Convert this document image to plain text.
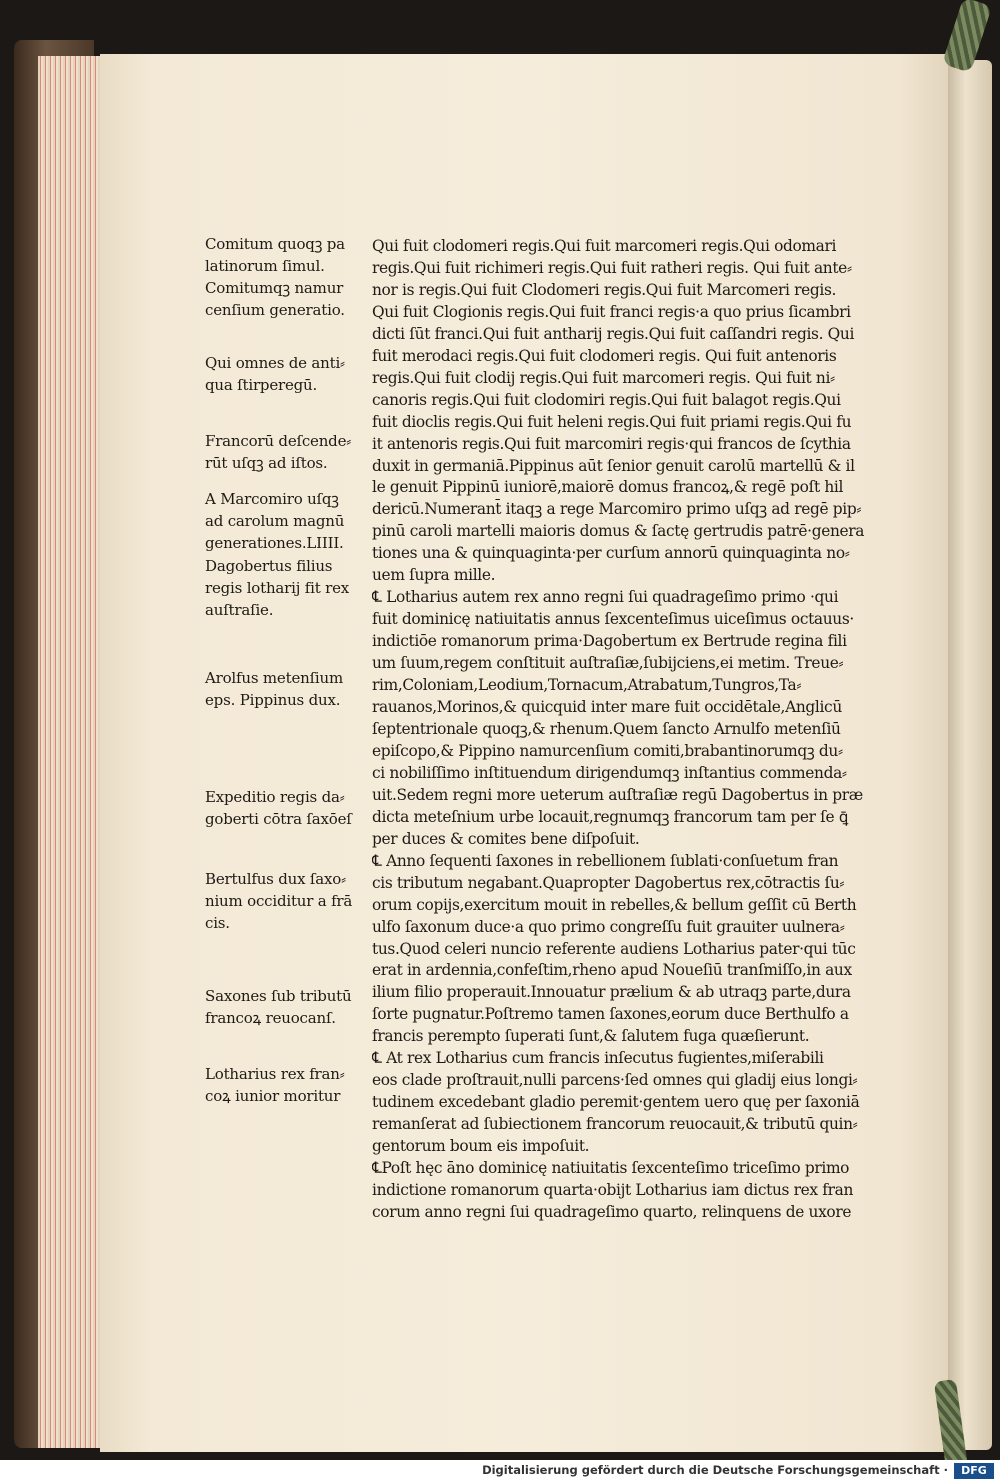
Comitum quoqꝫ pa
latinorum ſimul.
Comitumqꝫ namur
cenſium generatio.
Qui omnes de anti⸗
qua ſtirperegū.
Francorū deſcende⸗
rūt uſqꝫ ad iſtos.
A Marcomiro uſqꝫ
ad carolum magnū
generationes.LIIII.
Dagobertus filius
regis lotharij fit rex
auſtraſie.
Arolfus metenſium
eps. Pippinus dux.
Expeditio regis da⸗
goberti cōtra ſaxōeſ
Bertulfus dux ſaxo⸗
nium occiditur a frā
cis.
Saxones ſub tributū
francoꝝ reuocanſ.
Lotharius rex fran⸗
coꝝ iunior moritur
Qui fuit clodomeri regis.Qui fuit marcomeri regis.Qui odomari
regis.Qui fuit richimeri regis.Qui fuit ratheri regis. Qui fuit ante⸗
nor is regis.Qui fuit Clodomeri regis.Qui fuit Marcomeri regis.
Qui fuit Clogionis regis.Qui fuit franci regis·a quo prius ſicambri
dicti ſūt franci.Qui fuit antharij regis.Qui fuit caſſandri regis. Qui
fuit merodaci regis.Qui fuit clodomeri regis. Qui fuit antenoris
regis.Qui fuit clodij regis.Qui fuit marcomeri regis. Qui fuit ni⸗
canoris regis.Qui fuit clodomiri regis.Qui fuit balagot regis.Qui
fuit dioclis regis.Qui fuit heleni regis.Qui fuit priami regis.Qui fu
it antenoris regis.Qui fuit marcomiri regis·qui francos de ſcythia
duxit in germaniā.Pippinus aūt ſenior genuit carolū martellū & il
le genuit Pippinū iuniorē,maiorē domus francoꝝ,& regē poſt hil
dericū.Numerant̄ itaqꝫ a rege Marcomiro primo uſqꝫ ad regē pip⸗
pinū caroli martelli maioris domus & ſactę gertrudis patrē·genera
tiones una & quinquaginta·per curſum annorū quinquaginta no⸗
uem ſupra mille.
℄ Lotharius autem rex anno regni ſui quadrageſimo primo ·qui
fuit dominicę natiuitatis annus ſexcenteſimus uiceſimus octauus·
indictiōe romanorum prima·Dagobertum ex Bertrude regina fili
um ſuum,regem conſtituit auſtraſiæ,ſubijciens,ei metim. Treue⸗
rim,Coloniam,Leodium,Tornacum,Atrabatum,Tungros,Ta⸗
rauanos,Morinos,& quicquid inter mare fuit occidētale,Anglicū
ſeptentrionale quoqꝫ,& rhenum.Quem ſancto Arnulfo metenſiū
epiſcopo,& Pippino namurcenſium comiti,brabantinorumqꝫ du⸗
ci nobiliſſimo inſtituendum dirigendumqꝫ inſtantius commenda⸗
uit.Sedem regni more ueterum auſtraſiæ regū Dagobertus in præ
dicta meteſnium urbe locauit,regnumqꝫ francorum tam per ſe ꝗ̄
per duces & comites bene diſpoſuit.
℄ Anno ſequenti ſaxones in rebellionem ſublati·conſuetum fran
cis tributum negabant.Quapropter Dagobertus rex,cōtractis ſu⸗
orum copijs,exercitum mouit in rebelles,& bellum geſſit cū Berth
ulfo ſaxonum duce·a quo primo congreſſu fuit grauiter uulnera⸗
tus.Quod celeri nuncio referente audiens Lotharius pater·qui tūc
erat in ardennia,confeſtim,rheno apud Noueſiū tranſmiſſo,in aux
ilium filio properauit.Innouatur prælium & ab utraqꝫ parte,dura
ſorte pugnatur.Poſtremo tamen ſaxones,eorum duce Berthulfo a
francis perempto ſuperati ſunt,& ſalutem fuga quæſierunt.
℄ At rex Lotharius cum francis inſecutus fugientes,miſerabili
eos clade proſtrauit,nulli parcens·ſed omnes qui gladij eius longi⸗
tudinem excedebant gladio peremit·gentem uero quę per ſaxoniā
remanſerat ad ſubiectionem francorum reuocauit,& tributū quin⸗
gentorum boum eis impoſuit.
℄Poſt hęc āno dominicę natiuitatis ſexcenteſimo triceſimo primo
indictione romanorum quarta·obijt Lotharius iam dictus rex fran
corum anno regni ſui quadrageſimo quarto, relinquens de uxore
Digitalisierung gefördert durch die Deutsche Forschungsgemeinschaft ·	DFG
